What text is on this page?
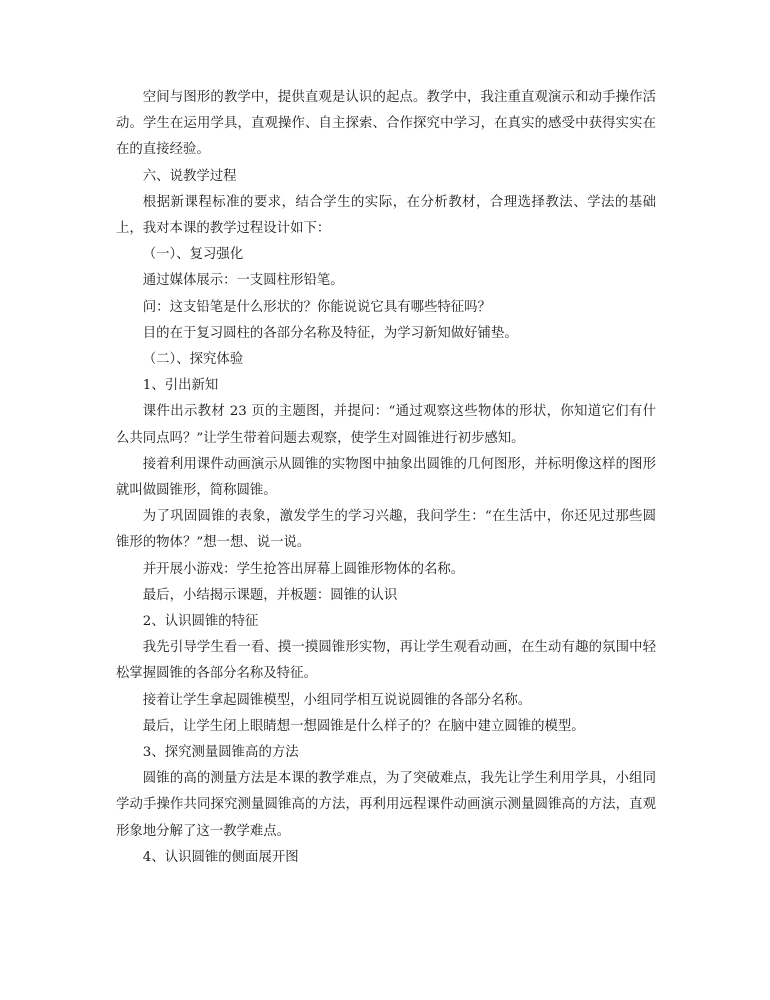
空间与图形的教学中，提供直观是认识的起点。教学中，我注重直观演示和动手操作活动。学生在运用学具，直观操作、自主探索、合作探究中学习，在真实的感受中获得实实在在的直接经验。

六、说教学过程

根据新课程标准的要求，结合学生的实际，在分析教材，合理选择教法、学法的基础上，我对本课的教学过程设计如下：

（一）、复习强化

通过媒体展示：一支圆柱形铅笔。

问：这支铅笔是什么形状的？你能说说它具有哪些特征吗？

目的在于复习圆柱的各部分名称及特征，为学习新知做好铺垫。

（二）、探究体验

1、引出新知

课件出示教材 23 页的主题图，并提问：“通过观察这些物体的形状，你知道它们有什么共同点吗？”让学生带着问题去观察，使学生对圆锥进行初步感知。

接着利用课件动画演示从圆锥的实物图中抽象出圆锥的几何图形，并标明像这样的图形就叫做圆锥形，简称圆锥。

为了巩固圆锥的表象，激发学生的学习兴趣，我问学生：“在生活中，你还见过那些圆锥形的物体？”想一想、说一说。

并开展小游戏：学生抢答出屏幕上圆锥形物体的名称。

最后，小结揭示课题，并板题：圆锥的认识

2、认识圆锥的特征

我先引导学生看一看、摸一摸圆锥形实物，再让学生观看动画，在生动有趣的氛围中轻松掌握圆锥的各部分名称及特征。

接着让学生拿起圆锥模型，小组同学相互说说圆锥的各部分名称。

最后，让学生闭上眼睛想一想圆锥是什么样子的？在脑中建立圆锥的模型。

3、探究测量圆锥高的方法

圆锥的高的测量方法是本课的教学难点，为了突破难点，我先让学生利用学具，小组同学动手操作共同探究测量圆锥高的方法，再利用远程课件动画演示测量圆锥高的方法，直观形象地分解了这一教学难点。

4、认识圆锥的侧面展开图
